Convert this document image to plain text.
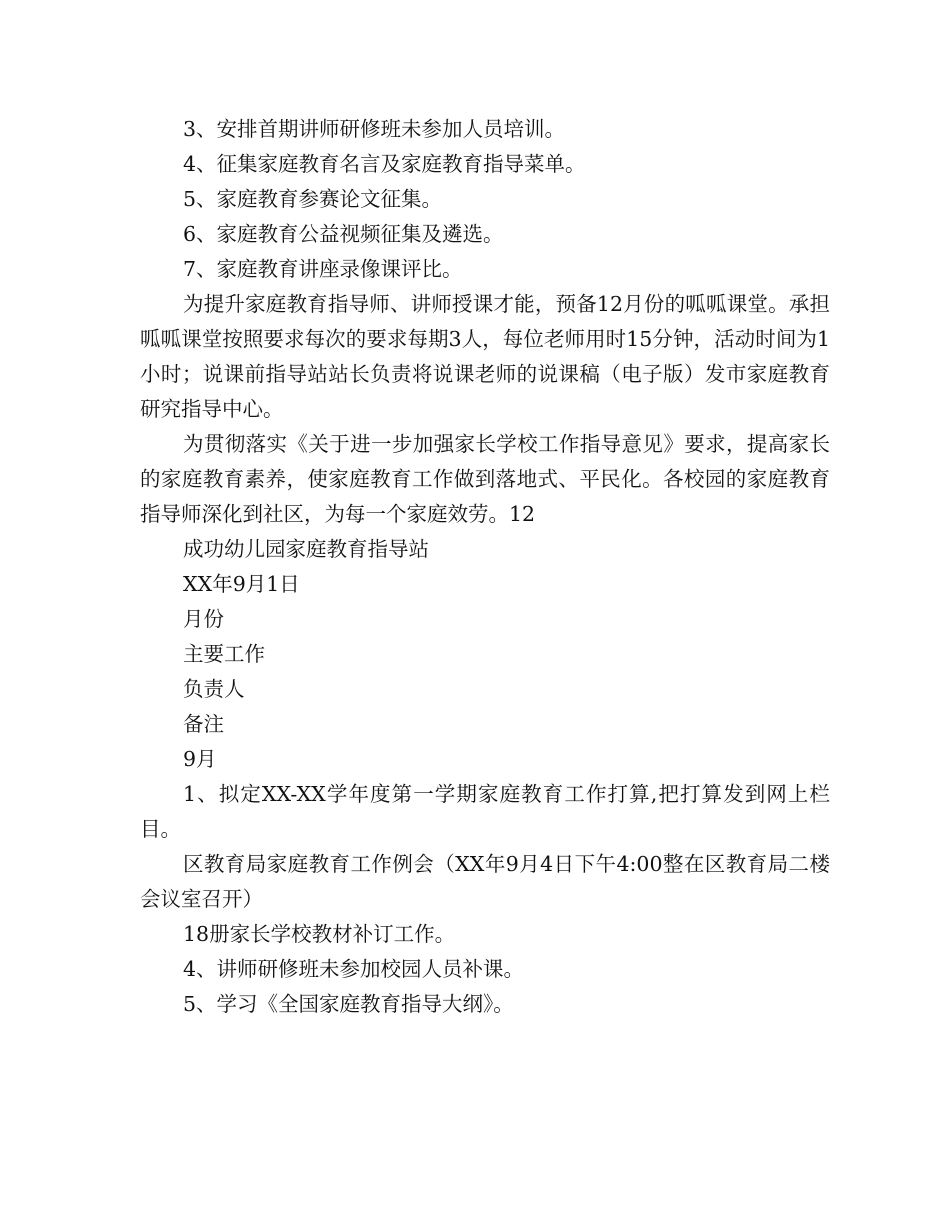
3、安排首期讲师研修班未参加人员培训。

4、征集家庭教育名言及家庭教育指导菜单。

5、家庭教育参赛论文征集。

6、家庭教育公益视频征集及遴选。

7、家庭教育讲座录像课评比。

为提升家庭教育指导师、讲师授课才能，预备12月份的呱呱课堂。承担呱呱课堂按照要求每次的要求每期3人，每位老师用时15分钟，活动时间为1小时；说课前指导站站长负责将说课老师的说课稿（电子版）发市家庭教育研究指导中心。

为贯彻落实《关于进一步加强家长学校工作指导意见》要求，提高家长的家庭教育素养，使家庭教育工作做到落地式、平民化。各校园的家庭教育指导师深化到社区，为每一个家庭效劳。12

成功幼儿园家庭教育指导站

XX年9月1日

月份

主要工作

负责人

备注

9月

1、拟定XX-XX学年度第一学期家庭教育工作打算,把打算发到网上栏目。

区教育局家庭教育工作例会（XX年9月4日下午4:00整在区教育局二楼会议室召开）

18册家长学校教材补订工作。

4、讲师研修班未参加校园人员补课。

5、学习《全国家庭教育指导大纲》。
